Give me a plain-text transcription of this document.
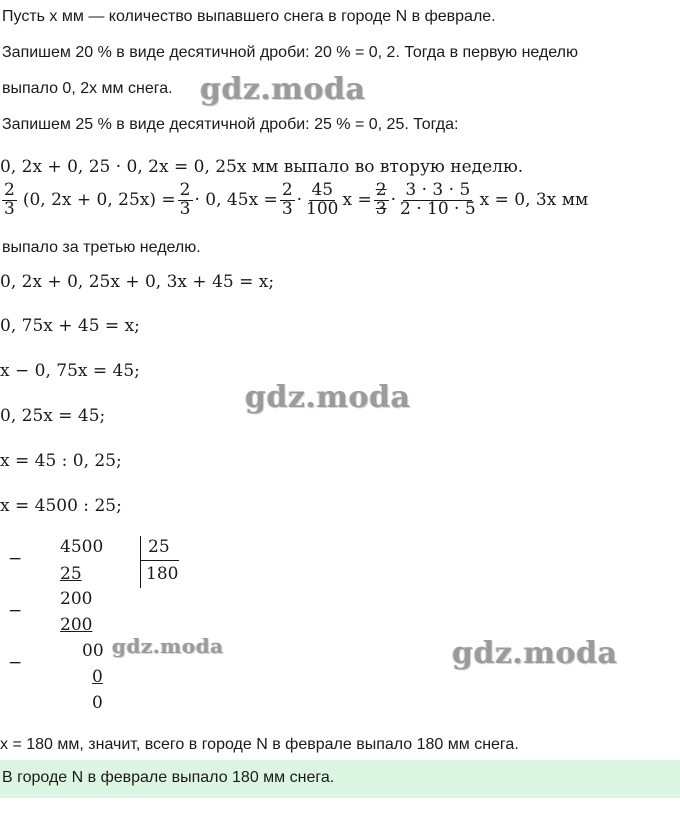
Пусть x мм — количество выпавшего снега в городе N в феврале.
Запишем 20 % в виде десятичной дроби: 20 % = 0, 2. Тогда в первую неделю
выпало 0, 2x мм снега.
Запишем 25 % в виде десятичной дроби: 25 % = 0, 25. Тогда:
0, 2x + 0, 25 · 0, 2x = 0, 25x мм выпало во вторую неделю.
$\frac{2}{3} (0$, 2x + 0, $25x) = \frac{2}{3} \cdot 0$, $45x = \frac{2}{3} \cdot \frac{45}{100}$ $x = \frac{2}{3} \cdot \frac{3 \cdot 3 \cdot 5}{2 \cdot 10 \cdot 5}$ x = 0, 3x мм
выпало за третью неделю.
0, 2x + 0, 25x + 0, 3x + 45 = x;
0, 75x + 45 = x;
x − 0, 75x = 45;
0, 25x = 45;
x = 45 : 0, 25;
x = 4500 : 25;
−
4500	25
180
25
−
200
200
−
00
0
0
x = 180 мм, значит, всего в городе N в феврале выпало 180 мм снега.
В городе N в феврале выпало 180 мм снега.
gdz.moda
gdz.moda
gdz.moda	gdz.moda
